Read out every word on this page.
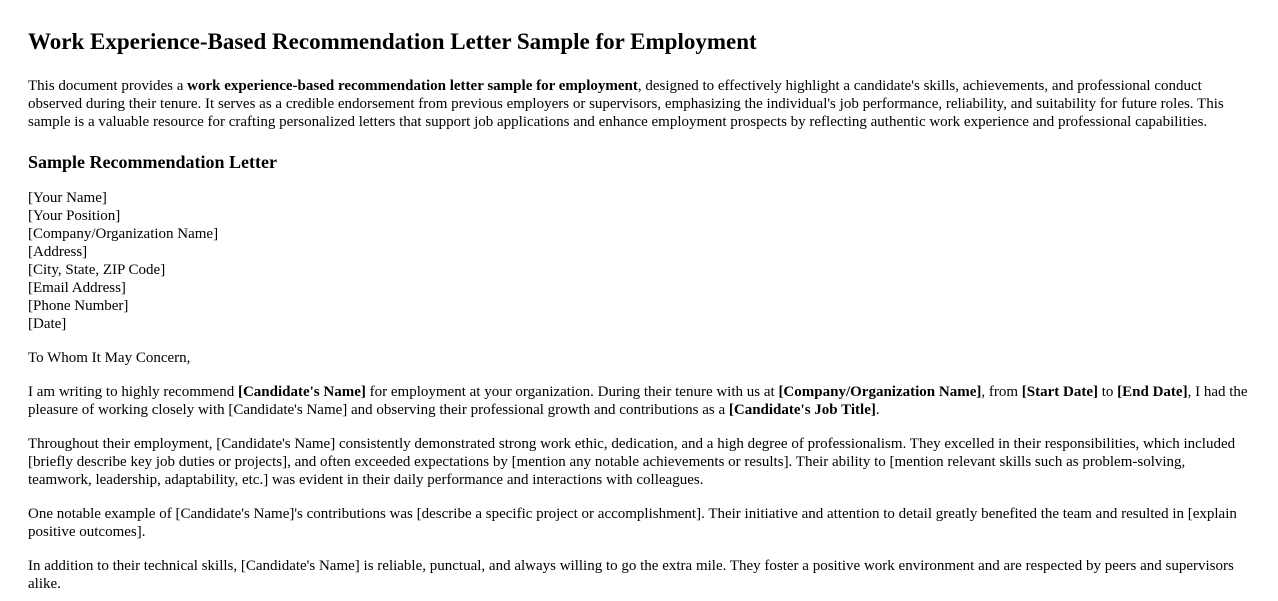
Work Experience-Based Recommendation Letter Sample for Employment

This document provides a work experience-based recommendation letter sample for employment, designed to effectively highlight a candidate's skills, achievements, and professional conduct observed during their tenure. It serves as a credible endorsement from previous employers or supervisors, emphasizing the individual's job performance, reliability, and suitability for future roles. This sample is a valuable resource for crafting personalized letters that support job applications and enhance employment prospects by reflecting authentic work experience and professional capabilities.

Sample Recommendation Letter
[Your Name]
[Your Position]
[Company/Organization Name]
[Address]
[City, State, ZIP Code]
[Email Address]
[Phone Number]
[Date]

To Whom It May Concern,

I am writing to highly recommend [Candidate's Name] for employment at your organization. During their tenure with us at [Company/Organization Name], from [Start Date] to [End Date], I had the pleasure of working closely with [Candidate's Name] and observing their professional growth and contributions as a [Candidate's Job Title].

Throughout their employment, [Candidate's Name] consistently demonstrated strong work ethic, dedication, and a high degree of professionalism. They excelled in their responsibilities, which included [briefly describe key job duties or projects], and often exceeded expectations by [mention any notable achievements or results]. Their ability to [mention relevant skills such as problem-solving, teamwork, leadership, adaptability, etc.] was evident in their daily performance and interactions with colleagues.

One notable example of [Candidate's Name]'s contributions was [describe a specific project or accomplishment]. Their initiative and attention to detail greatly benefited the team and resulted in [explain positive outcomes].

In addition to their technical skills, [Candidate's Name] is reliable, punctual, and always willing to go the extra mile. They foster a positive work environment and are respected by peers and supervisors alike.
